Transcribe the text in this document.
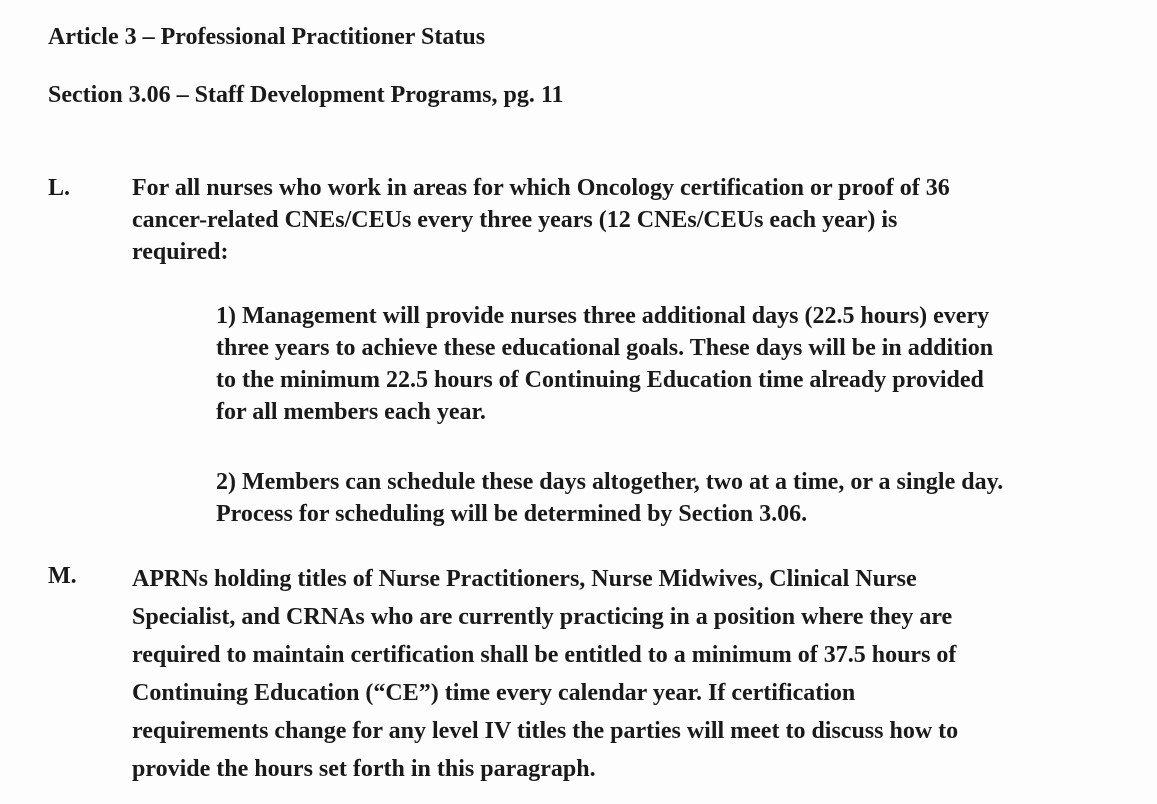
Article 3 – Professional Practitioner Status
Section 3.06 – Staff Development Programs, pg. 11
L.	For all nurses who work in areas for which Oncology certification or proof of 36
cancer-related CNEs/CEUs every three years (12 CNEs/CEUs each year) is
required:
1) Management will provide nurses three additional days (22.5 hours) every
three years to achieve these educational goals. These days will be in addition
to the minimum 22.5 hours of Continuing Education time already provided
for all members each year.
2) Members can schedule these days altogether, two at a time, or a single day.
Process for scheduling will be determined by Section 3.06.
M. APRNs holding titles of Nurse Practitioners, Nurse Midwives, Clinical Nurse
Specialist, and CRNAs who are currently practicing in a position where they are
required to maintain certification shall be entitled to a minimum of 37.5 hours of
Continuing Education (“CE”) time every calendar year. If certification
requirements change for any level IV titles the parties will meet to discuss how to
provide the hours set forth in this paragraph.
